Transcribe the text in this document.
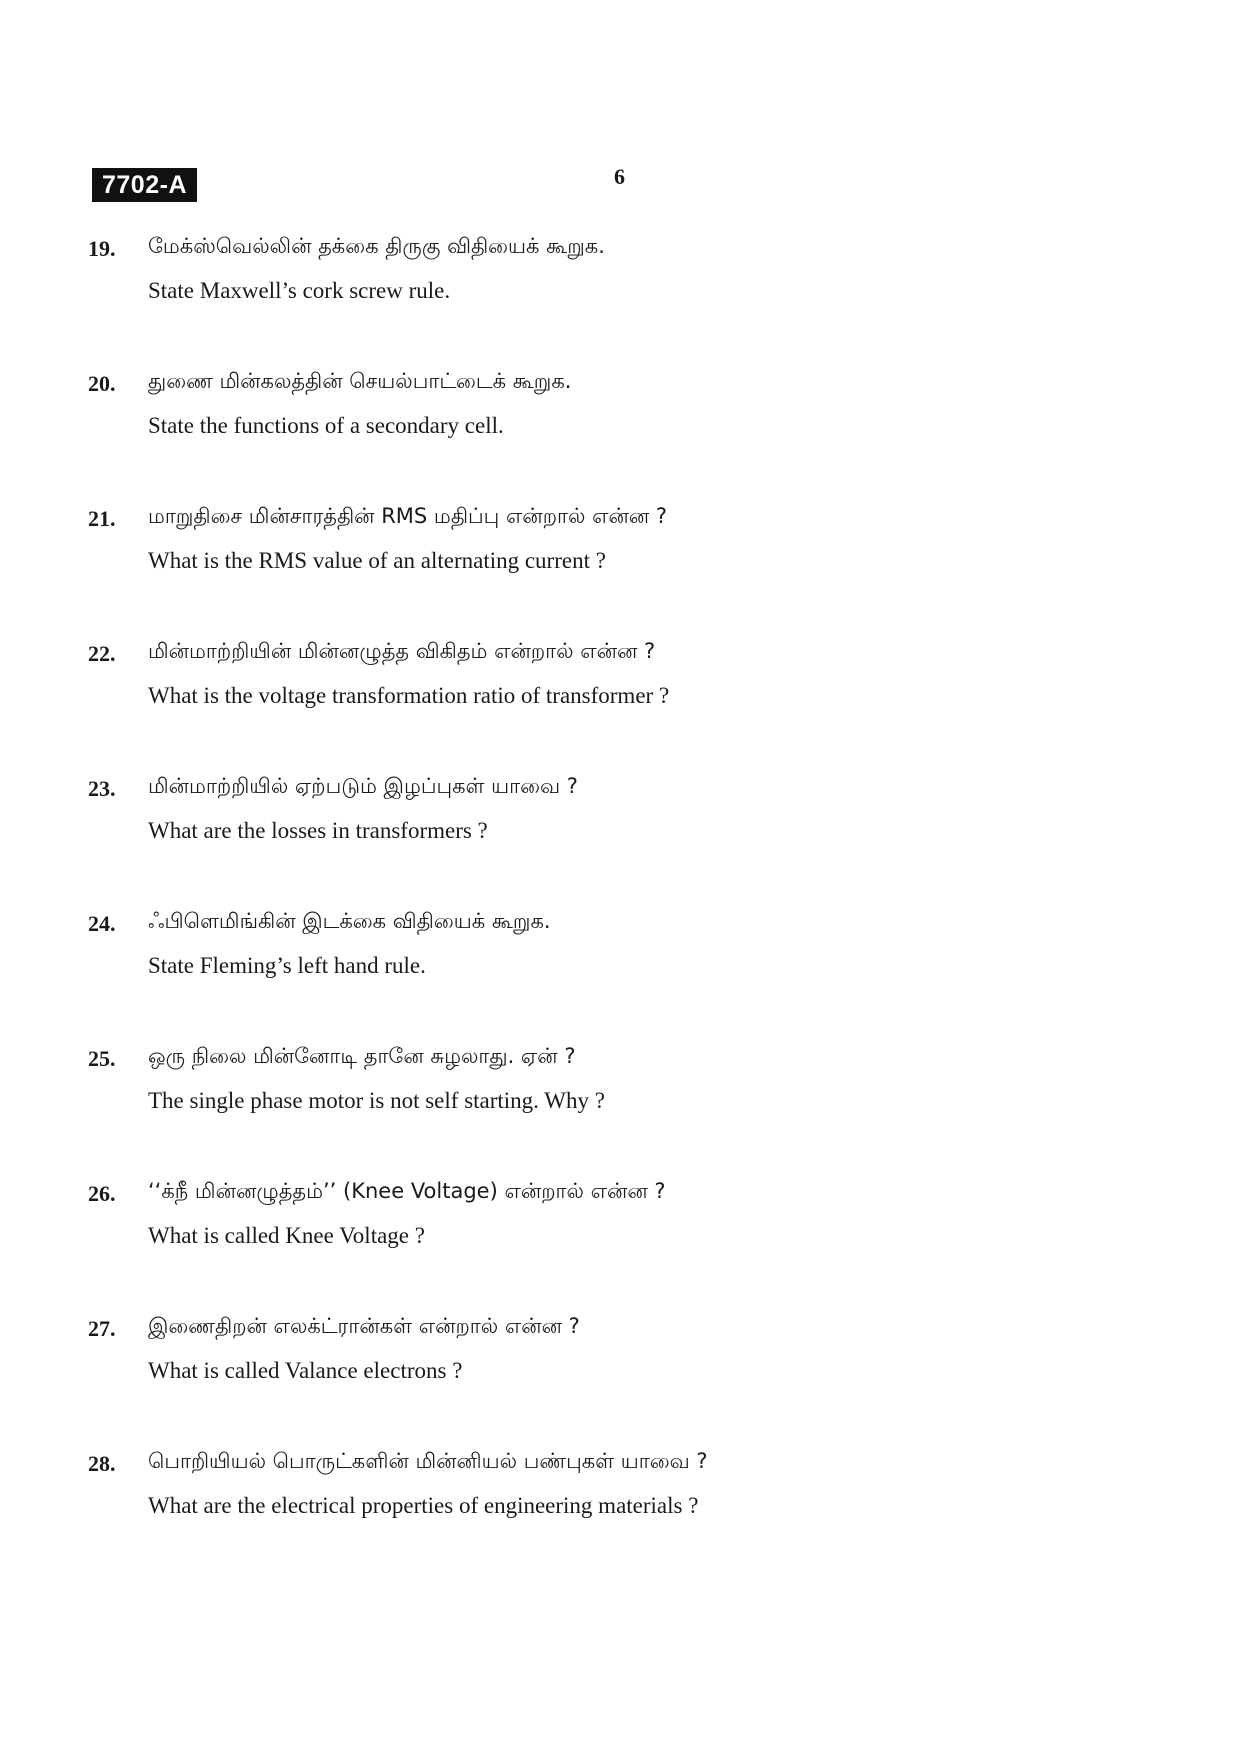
7702-A	6
19. மேக்ஸ்வெல்லின் தக்கை திருகு விதியைக் கூறுக.
State Maxwell’s cork screw rule.
20. துணை மின்கலத்தின் செயல்பாட்டைக் கூறுக.
State the functions of a secondary cell.
21. மாறுதிசை மின்சாரத்தின் RMS மதிப்பு என்றால் என்ன ?
What is the RMS value of an alternating current ?
22. மின்மாற்றியின் மின்னழுத்த விகிதம் என்றால் என்ன ?
What is the voltage transformation ratio of transformer ?
23. மின்மாற்றியில் ஏற்படும் இழப்புகள் யாவை ?
What are the losses in transformers ?
24. ஃபிளெமிங்கின் இடக்கை விதியைக் கூறுக.
State Fleming’s left hand rule.
25. ஒரு நிலை மின்னோடி தானே சுழலாது. ஏன் ?
The single phase motor is not self starting. Why ?
26. ‘‘க்நீ மின்னழுத்தம்’’ (Knee Voltage) என்றால் என்ன ?
What is called Knee Voltage ?
27. இணைதிறன் எலக்ட்ரான்கள் என்றால் என்ன ?
What is called Valance electrons ?
28. பொறியியல் பொருட்களின் மின்னியல் பண்புகள் யாவை ?
What are the electrical properties of engineering materials ?
